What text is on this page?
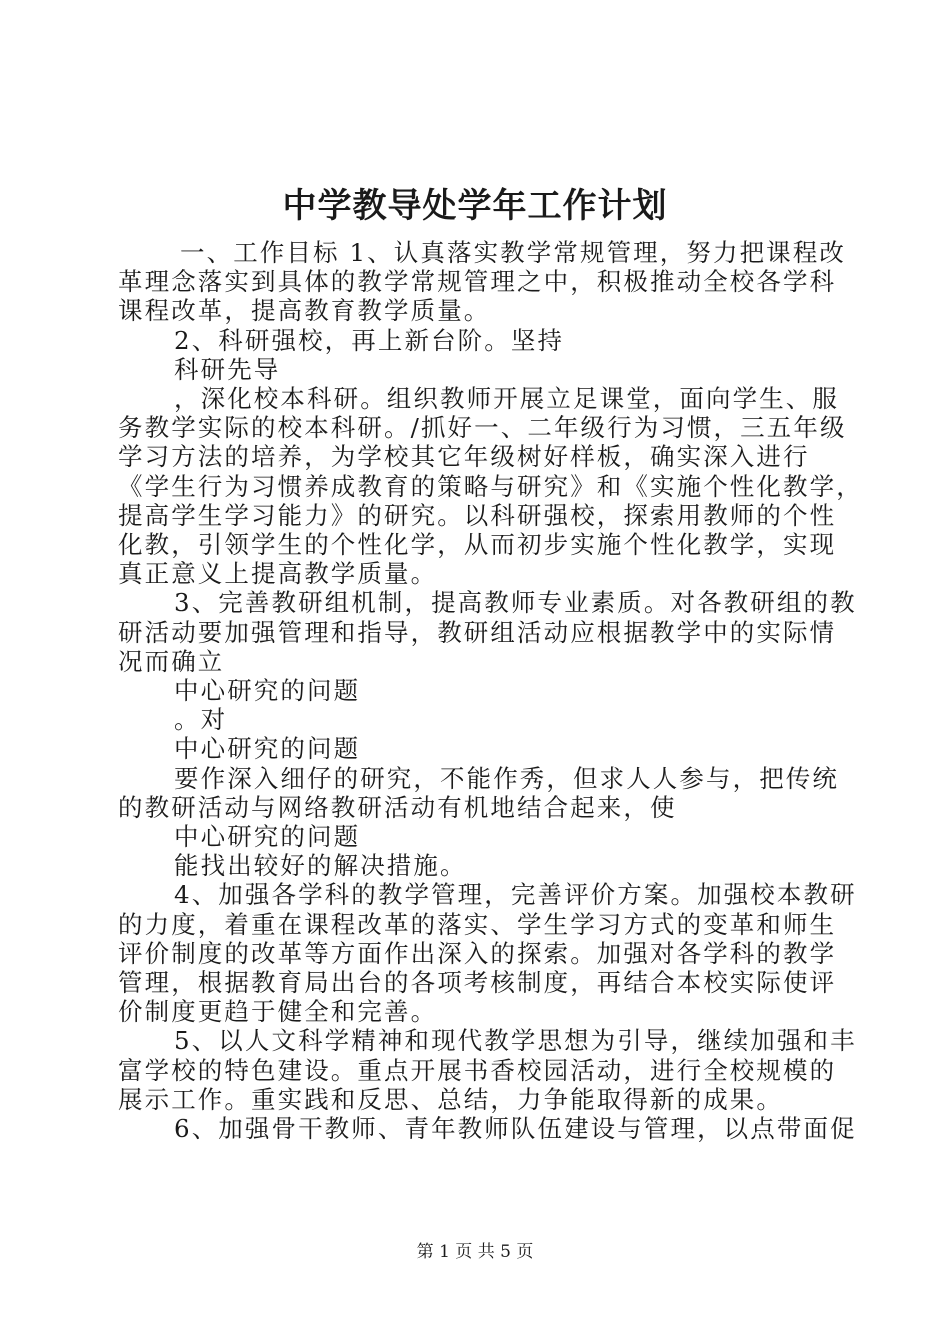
中学教导处学年工作计划

一、工作目标 1、认真落实教学常规管理，努力把课程改

革理念落实到具体的教学常规管理之中，积极推动全校各学科

课程改革，提高教育教学质量。

2、科研强校，再上新台阶。坚持

科研先导

，深化校本科研。组织教师开展立足课堂，面向学生、服

务教学实际的校本科研。/抓好一、二年级行为习惯，三五年级

学习方法的培养，为学校其它年级树好样板，确实深入进行

《学生行为习惯养成教育的策略与研究》和《实施个性化教学，

提高学生学习能力》的研究。以科研强校，探索用教师的个性

化教，引领学生的个性化学，从而初步实施个性化教学，实现

真正意义上提高教学质量。

3、完善教研组机制，提高教师专业素质。对各教研组的教

研活动要加强管理和指导，教研组活动应根据教学中的实际情

况而确立

中心研究的问题

。对

中心研究的问题

要作深入细仔的研究，不能作秀，但求人人参与，把传统

的教研活动与网络教研活动有机地结合起来，使

中心研究的问题

能找出较好的解决措施。

4、加强各学科的教学管理，完善评价方案。加强校本教研

的力度，着重在课程改革的落实、学生学习方式的变革和师生

评价制度的改革等方面作出深入的探索。加强对各学科的教学

管理，根据教育局出台的各项考核制度，再结合本校实际使评

价制度更趋于健全和完善。

5、以人文科学精神和现代教学思想为引导，继续加强和丰

富学校的特色建设。重点开展书香校园活动，进行全校规模的

展示工作。重实践和反思、总结，力争能取得新的成果。

6、加强骨干教师、青年教师队伍建设与管理，以点带面促

第 1 页 共 5 页
